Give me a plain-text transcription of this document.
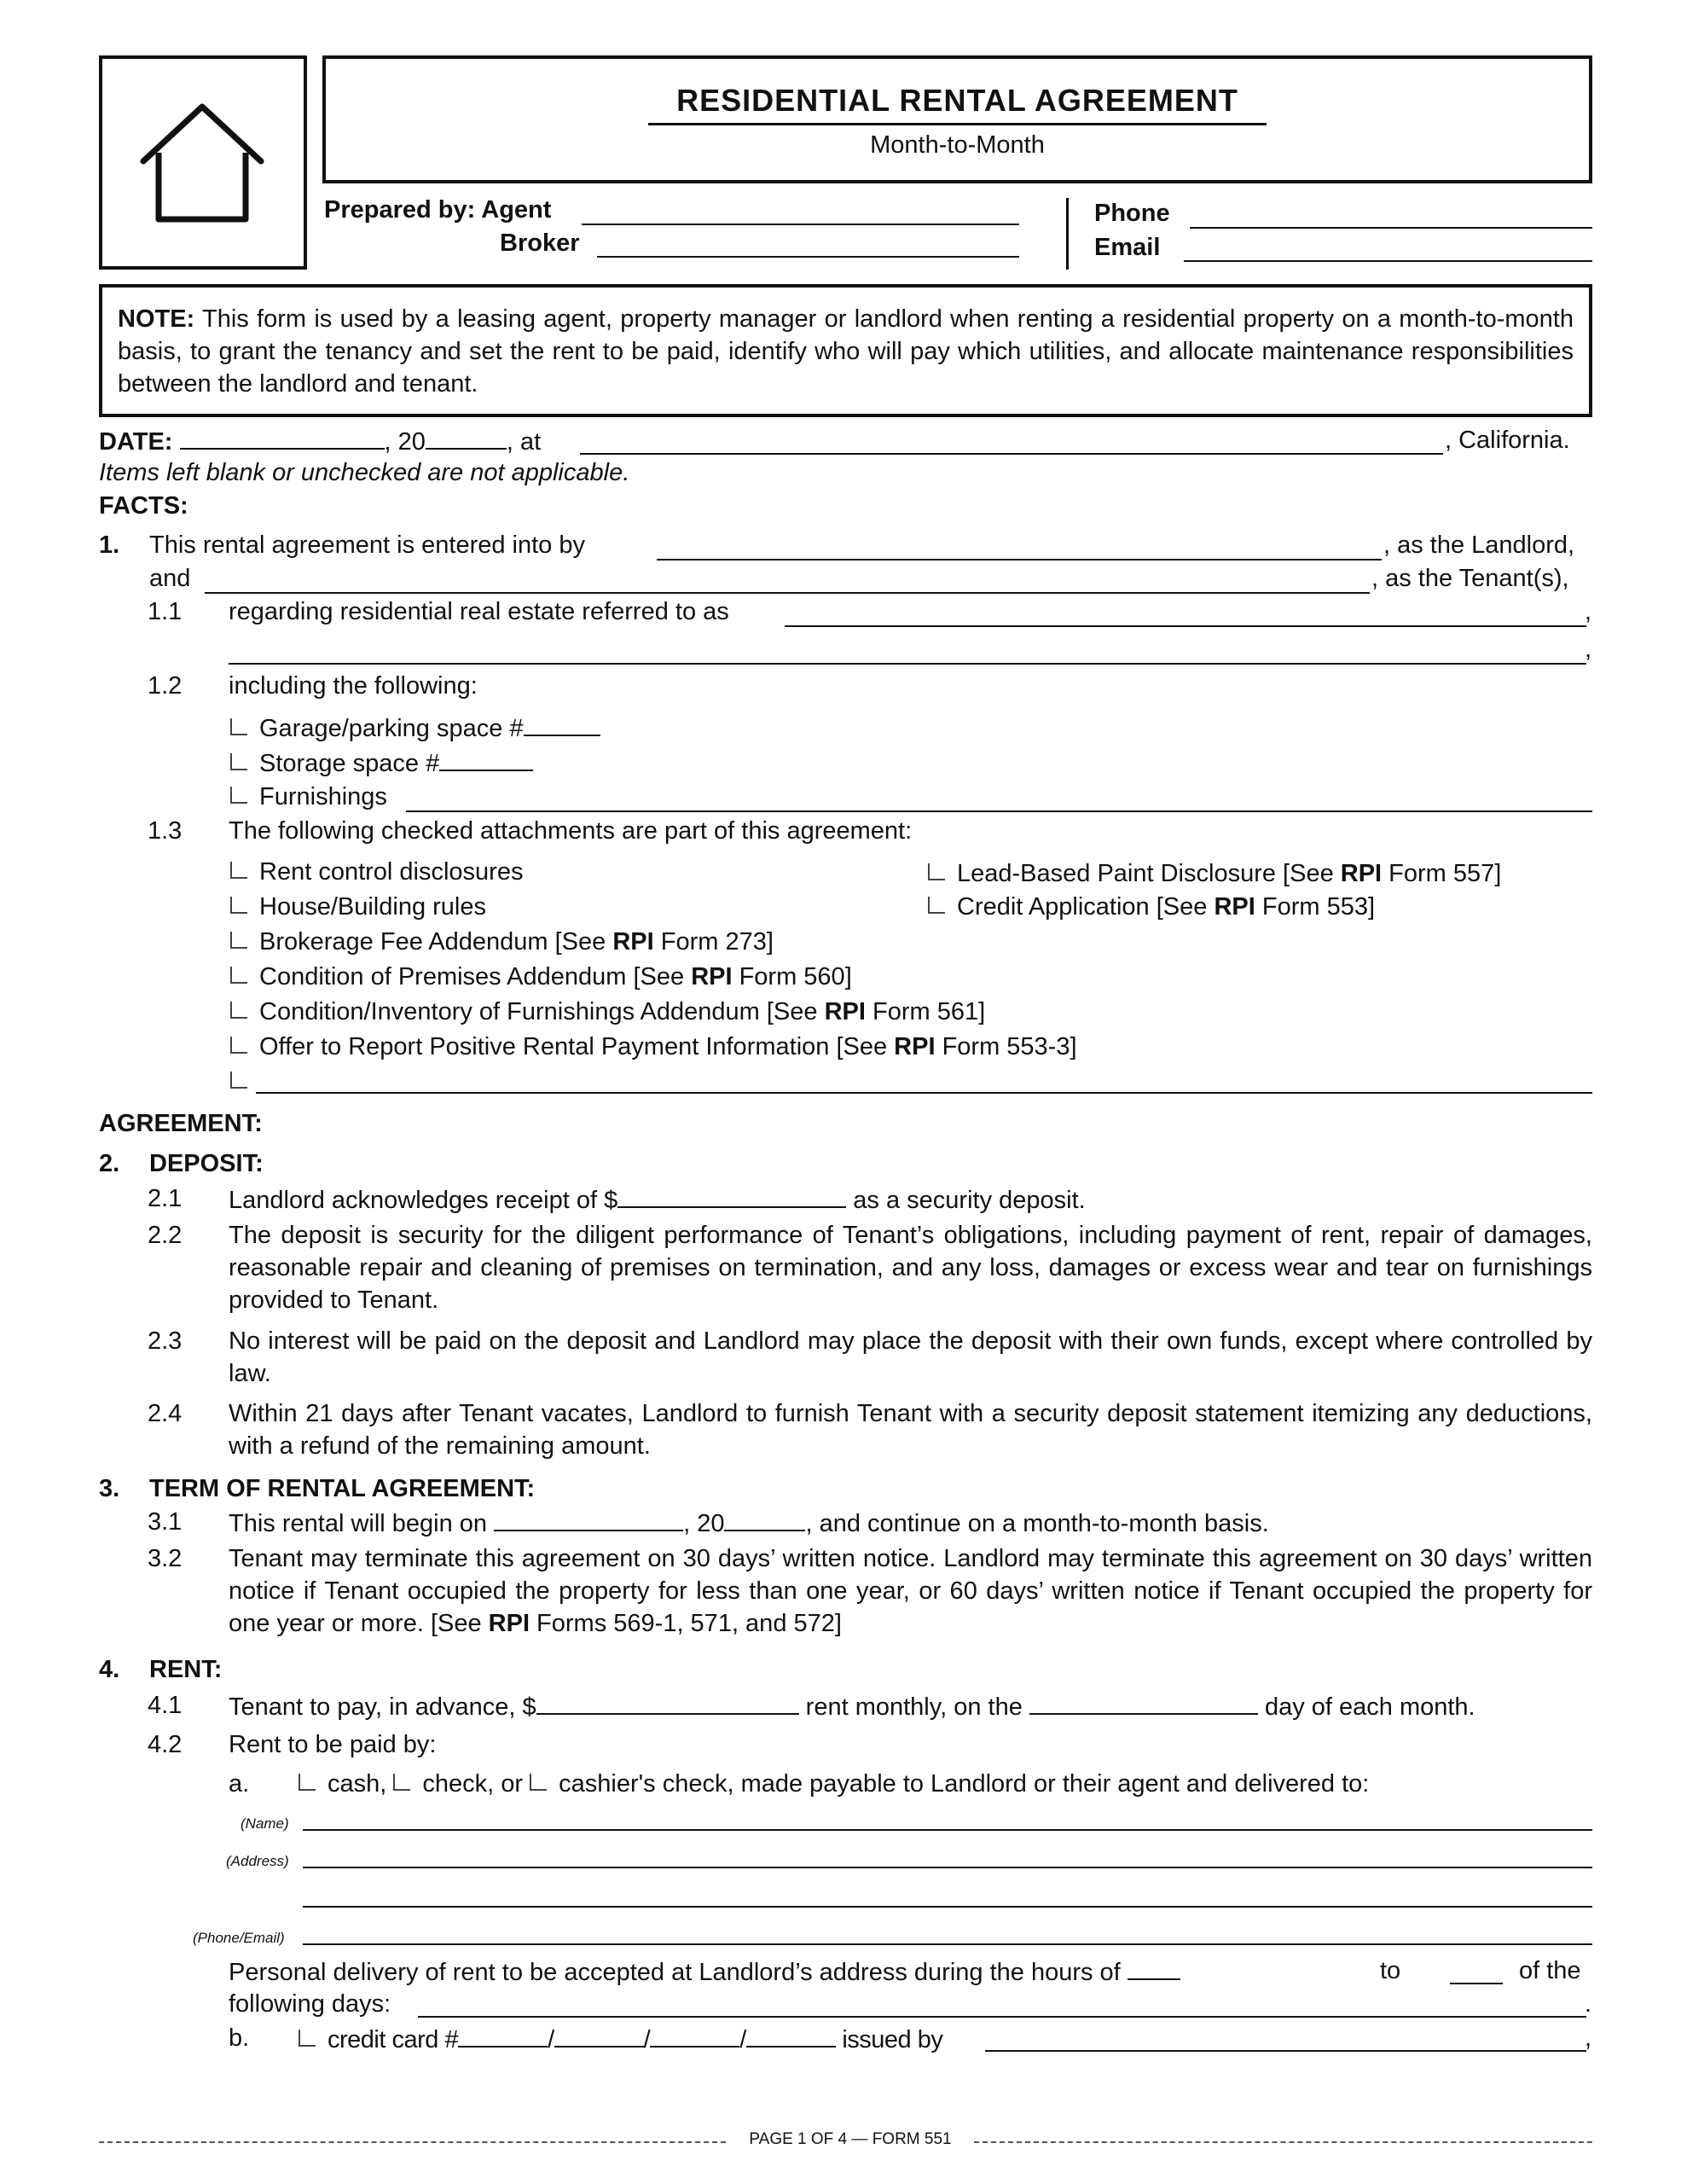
RESIDENTIAL RENTAL AGREEMENT
Month-to-Month
Prepared by: Agent
Broker
Phone
Email
NOTE: This form is used by a leasing agent, property manager or landlord when renting a residential property on a month-to-month basis, to grant the tenancy and set the rent to be paid, identify who will pay which utilities, and allocate maintenance responsibilities between the landlord and tenant.
DATE:	, 20	, at	, California.
Items left blank or unchecked are not applicable.
FACTS:
1. This rental agreement is entered into by	, as the Landlord,
and	, as the Tenant(s),
1.1 regarding residential real estate referred to as	,
,
1.2 including the following:
Garage/parking space #
Storage space #
Furnishings
1.3 The following checked attachments are part of this agreement:
Rent control disclosures
House/Building rules
Brokerage Fee Addendum [See RPI Form 273]
Condition of Premises Addendum [See RPI Form 560]
Condition/Inventory of Furnishings Addendum [See RPI Form 561]
Offer to Report Positive Rental Payment Information [See RPI Form 553-3]
Lead-Based Paint Disclosure [See RPI Form 557]
Credit Application [See RPI Form 553]
AGREEMENT:
2. DEPOSIT:
2.1 Landlord acknowledges receipt of $	as a security deposit.
2.2 The deposit is security for the diligent performance of Tenant’s obligations, including payment of rent, repair of damages, reasonable repair and cleaning of premises on termination, and any loss, damages or excess wear and tear on furnishings provided to Tenant.
2.3 No interest will be paid on the deposit and Landlord may place the deposit with their own funds, except where controlled by law.
2.4 Within 21 days after Tenant vacates, Landlord to furnish Tenant with a security deposit statement itemizing any deductions, with a refund of the remaining amount.
3. TERM OF RENTAL AGREEMENT:
3.1 This rental will begin on	, 20	, and continue on a month-to-month basis.
3.2 Tenant may terminate this agreement on 30 days’ written notice. Landlord may terminate this agreement on 30 days’ written notice if Tenant occupied the property for less than one year, or 60 days’ written notice if Tenant occupied the property for one year or more. [See RPI Forms 569-1, 571, and 572]
4. RENT:
4.1 Tenant to pay, in advance, $	rent monthly, on the	day of each month.
4.2 Rent to be paid by:
a.	cash, check, or cashier's check, made payable to Landlord or their agent and delivered to:
(Name)
(Address)
(Phone/Email)
Personal delivery of rent to be accepted at Landlord’s address during the hours of	to	of the
following days:	.
b.	credit card #	/	/	/	issued by	,
PAGE 1 OF 4 — FORM 551
